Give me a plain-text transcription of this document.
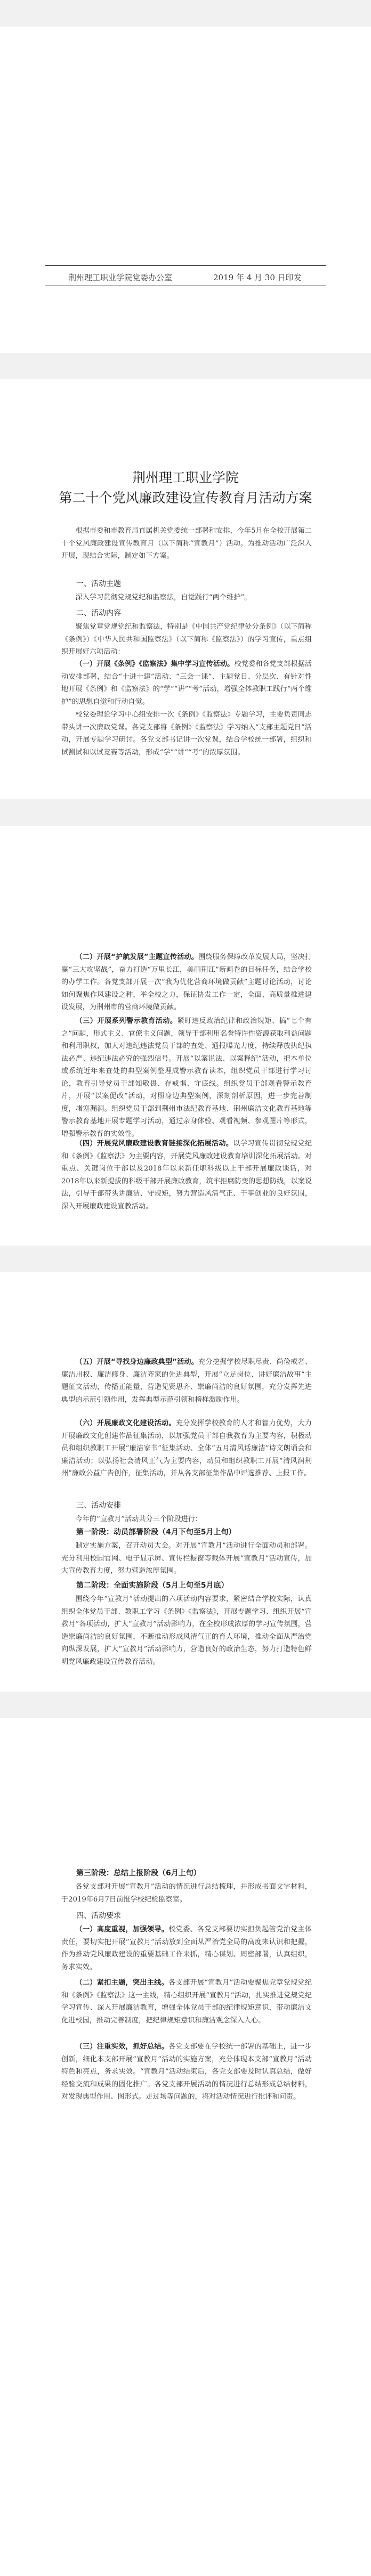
荆州理工职业学院党委办公室	2019 年 4 月 30 日印发
荆州理工职业学院
第二十个党风廉政建设宣传教育月活动方案

根据市委和市教育局直属机关党委统一部署和安排，今年5月在全校开展第二十个党风廉政建设宣传教育月（以下简称“宣教月”）活动。为推动活动广泛深入开展，现结合实际，制定如下方案。

一、活动主题

深入学习贯彻党规党纪和监察法，自觉践行“两个维护”。

二、活动内容

聚焦党章党规党纪和监察法，特别是《中国共产党纪律处分条例》（以下简称《条例》）《中华人民共和国监察法》（以下简称《监察法》）的学习宣传，重点组织开展好六项活动：

（一）开展《条例》《监察法》集中学习宣传活动。校党委和各党支部根据活动安排部署，结合“十进十建”活动、“三会一课”、主题党日、分层次、有针对性地开展《条例》和《监察法》的“学”“讲”“考”活动，增强全体教职工践行“两个维护”的思想自觉和行动自觉。

校党委理论学习中心组安排一次《条例》《监察法》专题学习，主要负责同志带头讲一次廉政党课。各党支部将《条例》《监察法》学习纳入“支部主题党日”活动，开展专题学习研讨。各党支部书记讲一次党课，结合学校统一部署，组织和试测试和以试竞赛等活动，形成“学”“讲”“考”的浓厚氛围。

（二）开展“护航发展”主题宣传活动。围绕服务保障改革发展大局，坚决打赢“三大攻坚战”，奋力打造“万里长江，美丽荆江”新画卷的目标任务，结合学校的办学工作。各党支部开展一次“我为优化营商环境做贡献”主题讨论活动，讨论如何聚焦作风建设之种，举全校之力，保证协发工作一定，全面、高质量推进建设发展，为荆州市的营商环境做贡献。

（三）开展系列警示教育活动。紧盯违反政治纪律和政治规矩、搞“七个有之”问题，形式主义、官僚主义问题，领导干部利用名誉特许性资源获取利益问题和利用职权，加大对违纪违法党员干部的查处、通报曝光力度，持续释放执纪执法必严、违纪违法必究的强烈信号。开展“以案说法、以案释纪”活动，把本单位或系统近年来查处的典型案例整理成警示教育读本，组织党员干部进行学习讨论，教育引导党员干部知敬畏、存戒惧、守底线。组织党员干部观看警示教育片，开展“以案促改”活动，对照身边典型案例，深刻剖析原因，进一步完善制度，堵塞漏洞。组织党员干部到荆州市法纪教育基地、荆州廉洁文化教育基地等警示教育基地开展专题学习活动，通过亲身体验、观看视频、参观图片等形式，增强警示教育的实效性。

（四）开展党风廉政建设教育链接深化拓展活动。以学习宣传贯彻党规党纪和《条例》《监察法》为主要内容，开展党风廉政建设教育培训深化拓展活动。对重点、关键岗位干部以及2018年以来新任职科级以上干部开展廉政谈话，对2018年以来新提拔的科级干部开展廉政教育，筑牢拒腐防变的思想防线，以案说法，引导干部带头讲廉洁、守规矩，努力营造风清气正、干事创业的良好氛围，深入开展廉政建设宣教活动。

（五）开展“寻找身边廉政典型”活动。充分挖掘学校尽职尽责、尚俭戒奢、廉洁用权、廉洁修身、廉洁齐家的先进典型，开展“立足岗位、讲好廉洁故事”主题征文活动，传播正能量，营造见贤思齐、崇廉尚洁的良好氛围，充分发挥先进典型的示范引领作用，发挥典型示范引领和榜样激励作用。

（六）开展廉政文化建设活动。充分发挥学校教育的人才和智力优势，大力开展廉政文化创建作品征集活动，以加强党员干部自我教育为主要内容，积极动员和组织教职工开展“廉洁家书”征集活动、全体“五月清风话廉洁”诗文朗诵会和廉洁活动；以弘扬社会清风正气为主要内容，动员和组织教职工开展“清风润荆州”廉政公益广告创作，征集活动，并从各支部征集作品中评选推荐、上报工作。

三、活动安排

今年的“宣教月”活动共分三个阶段进行：

第一阶段：动员部署阶段（4月下旬至5月上旬）

制定实施方案，召开动员大会。对开展“宣教月”活动进行全面动员和部署。充分利用校园官网、电子显示屏、宣传栏橱窗等载体开展“宣教月”活动宣传，加大宣传教育力度，努力营造浓厚氛围。

第二阶段：全面实施阶段（5月上旬至5月底）

围绕今年“宣教月”活动提出的六项活动内容要求，紧密结合学校实际，认真组织全体党员干部、教职工学习《条例》《监察法》，开展专题学习、组织开展“宣教月”各项活动，扩大“宣教月”活动影响力，在全校形成浓厚的学习宣传氛围，营造崇廉尚洁的良好氛围，不断推动形成风清气正的育人环境，推动全面从严治党向纵深发展，扩大“宣教月”活动影响力，营造良好的政治生态，努力打造特色鲜明党风廉政建设宣传教育活动。

第三阶段：总结上报阶段（6月上旬）

各党支部对开展“宣教月”活动的情况进行总结梳理，并形成书面文字材料，于2019年6月7日前报学校纪检监察室。

四、活动要求

（一）高度重视，加强领导。校党委、各党支部要切实担负起管党治党主体责任，要切实把开展“宣教月”活动放到全面从严治党全局的高度来认识和把握，作为推动党风廉政建设的重要基础工作来抓，精心谋划、周密部署，认真组织，务求实效。

（二）紧扣主题，突出主线。各支部开展“宣教月”活动要聚焦党章党规党纪和《条例》《监察法》这一主线，精心组织开展“宣教月”活动，扎实推进党规党纪学习宣传、深入开展廉洁教育，增强全体党员干部的纪律规矩意识，带动廉洁文化进校园，推动完善制度，把纪律规矩意识和廉洁观念深入人心。

（三）注重实效，抓好总结。各党支部要在学校统一部署的基础上，进一步创新，细化本支部开展“宣教月”活动的实施方案，充分体现本支部“宣教月”活动特色和亮点，务求实效。“宣教月”活动结束后，各党支部要及时认真总结，做好经验交流和成果的固化推广。各党支部开展活动的情况进行总结形成总结材料，对发现典型作用、图形式。走过场等问题的，将对活动情况进行批评和问责。
